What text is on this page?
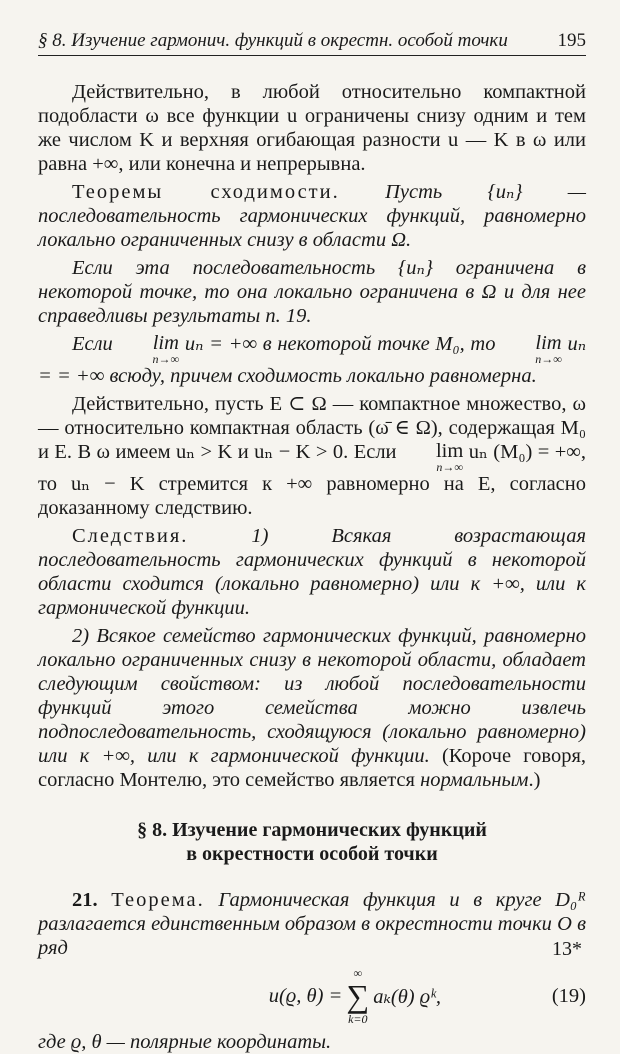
§ 8. Изучение гармонич. функций в окрестн. особой точки	195

Действительно, в любой относительно компактной подобласти ω все функции u ограничены снизу одним и тем же числом K и верхняя огибающая разности u — K в ω или равна +∞, или конечна и непрерывна.

Теоремы сходимости. Пусть {uₙ} — последовательность гармонических функций, равномерно локально ограниченных снизу в области Ω.

Если эта последовательность {uₙ} ограничена в некоторой точке, то она локально ограничена в Ω и для нее справедливы результаты п. 19.

Если lim
n→∞
uₙ = +∞ в некоторой точке M₀, то lim
n→∞
uₙ = = +∞ всюду, причем сходимость локально равномерна.

Действительно, пусть E ⊂ Ω — компактное множество, ω — относительно компактная область (ω̄ ∈ Ω), содержащая M₀ и E. В ω имеем uₙ > K и uₙ − K > 0. Если lim
n→∞
uₙ (M₀) = +∞, то uₙ − K стремится к +∞ равномерно на E, согласно доказанному следствию.

Следствия.	1) Всякая возрастающая последовательность гармонических функций в некоторой области сходится (локально равномерно) или к +∞, или к гармонической функции.

2) Всякое семейство гармонических функций, равномерно локально ограниченных снизу в некоторой области, обладает следующим свойством: из любой последовательности функций этого семейства можно извлечь подпоследовательность, сходящуюся (локально равномерно) или к +∞, или к гармонической функции. (Короче говоря, согласно Монтелю, это семейство является нормальным.)

§ 8. Изучение гармонических функций
в окрестности особой точки

21. Теорема. Гармоническая функция u в круге D₀ᴿ разлагается единственным образом в окрестности точки O в ряд

u(ϱ, θ) =
∞
∑
k=0
aₖ(θ) ϱᵏ,	(19)

где ϱ, θ — полярные координаты.

13*
